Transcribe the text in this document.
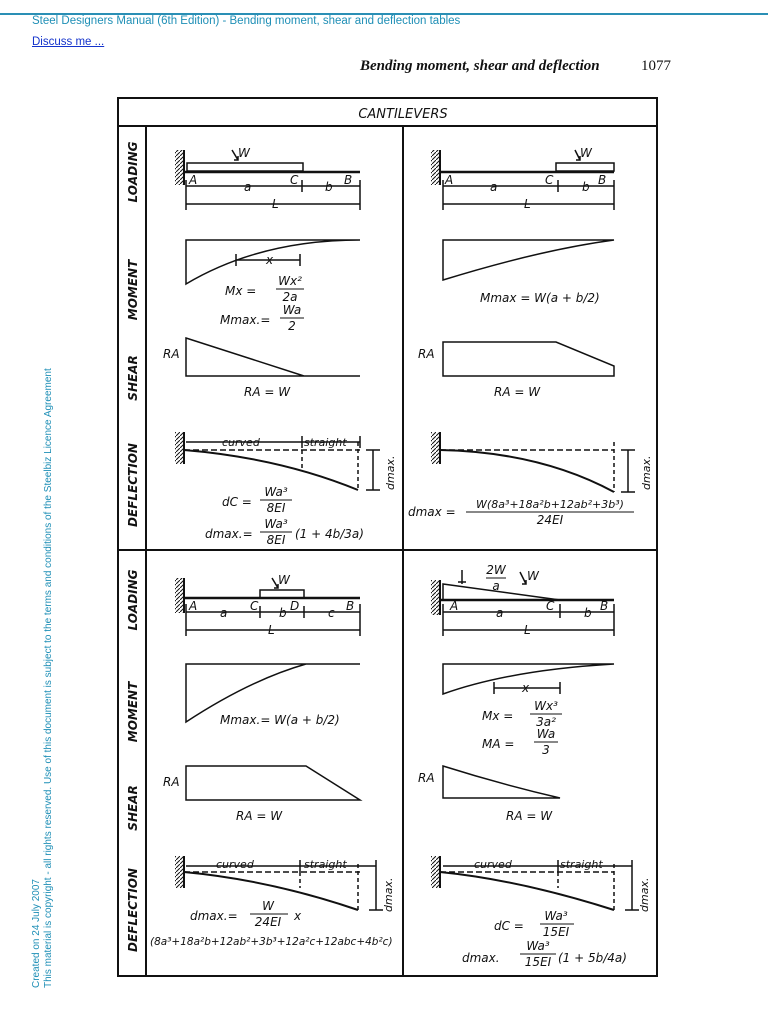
Steel Designers Manual (6th Edition) - Bending moment, shear and deflection tables
Discuss me ...
Bending moment, shear and deflection	1077
Created on 24 July 2007 This material is copyright - all rights reserved. Use of this document is subject to the terms and conditions of the Steelbiz Licence Agreement
CANTILEVERS
LOADING
MOMENT
SHEAR
DEFLECTION
LOADING
MOMENT
SHEAR
DEFLECTION
W
A	C	B
a	b
L
x
Mx =
Wx²
2a
Mmax.=
Wa
2
RA
RA = W
curved	straight
dmax.
dC =
Wa³
8EI
dmax.=
Wa³
8EI (1 + 4b/3a)
W
A	C	B
a	b
L
Mmax = W(a + b/2)
RA
RA = W
dmax.
dmax =
W(8a³+18a²b+12ab²+3b³)
24EI
W
A	C	D	B
a	b	c
L
Mmax.= W(a + b/2)
RA
RA = W
curved	straight
dmax.
dmax.=
W
24EI x
(8a³+18a²b+12ab²+3b³+12a²c+12abc+4b²c)
2W
a
W
A	C	B
a	b
L
x
Mx =
Wx³
3a²
MA =
Wa
3
RA
RA = W
curved	straight
dmax.
dC =
Wa³
15EI
dmax.
Wa³
15EI (1 + 5b/4a)
